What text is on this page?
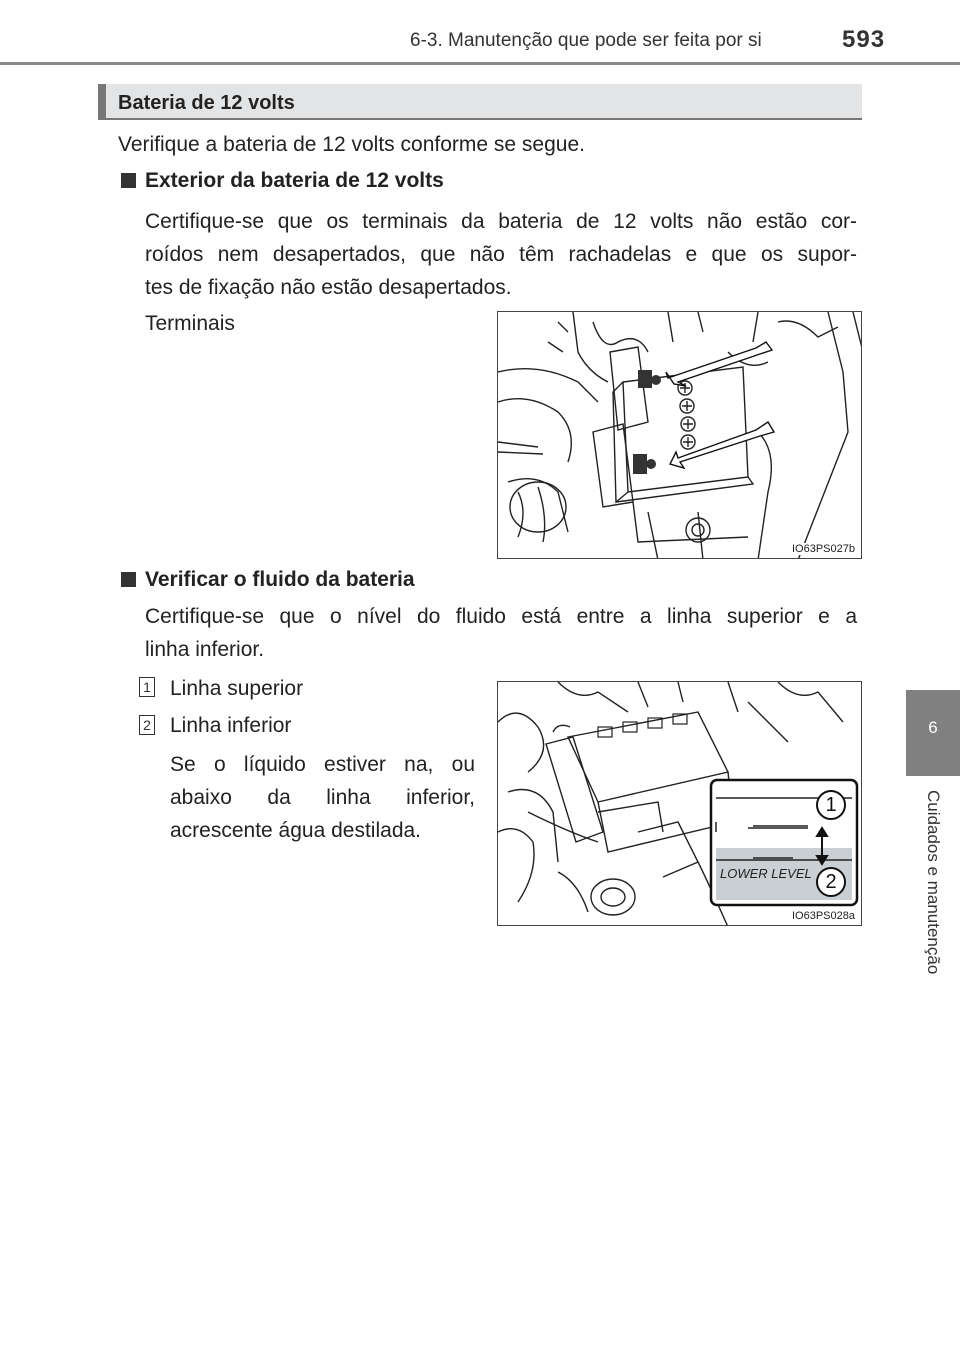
6-3. Manutenção que pode ser feita por si	593
6
Cuidados e manutenção
Bateria de 12 volts
Verifique a bateria de 12 volts conforme se segue.
Exterior da bateria de 12 volts
Certifique-se que os terminais da bateria de 12 volts não estão cor-
roídos nem desapertados, que não têm rachadelas e que os supor-
tes de fixação não estão desapertados.
Terminais
IO63PS027b
Verificar o fluido da bateria
Certifique-se que o nível do fluido está entre a linha superior e a
linha inferior.
1 Linha superior
2 Linha inferior
Se o líquido estiver na, ou
abaixo da linha inferior,
acrescente água destilada.
LOWER LEVEL
1
2
IO63PS028a
